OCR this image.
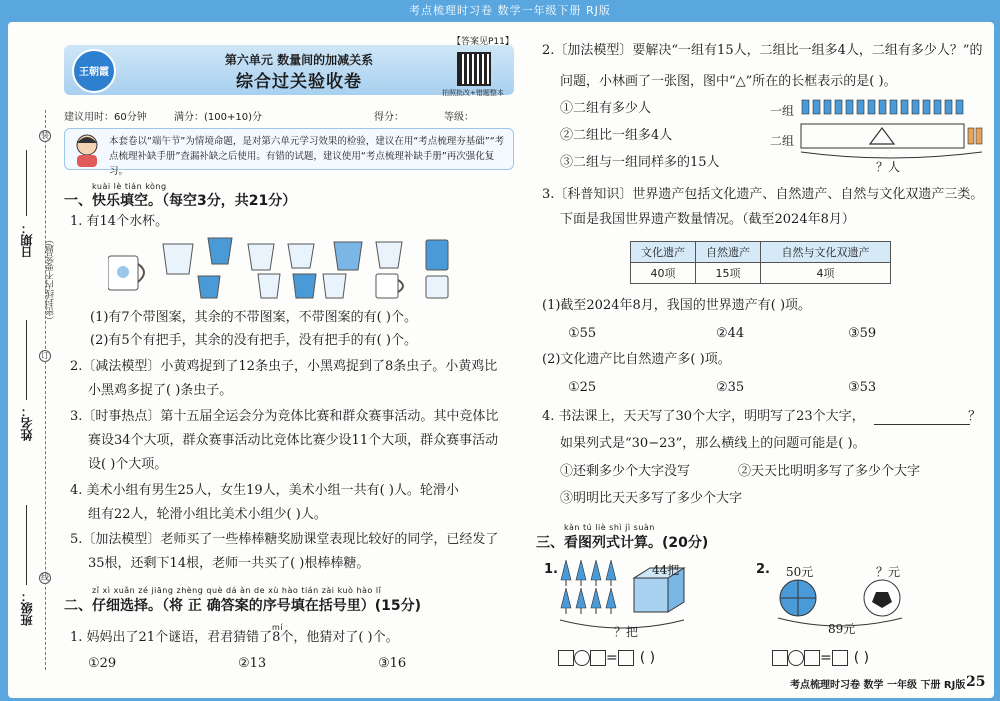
考点梳理时习卷 数学一年级下册 RJ版
日期：
姓名：
班级：
（密封线内不要答题）
装
订
线
王朝霞
第六单元 数量间的加减关系
综合过关验收卷
【答案见P11】
拍照批改+错题整本
建议用时：60分钟	满分：(100+10)分	得分：	等级：
本套卷以“端午节”为情境命题，是对第六单元学习效果的检验，建议在用“考点梳理夯基础”“考点梳理补缺手册”查漏补缺之后使用。有错的试题，建议使用“考点梳理补缺手册”再次强化复习。
kuài lè tián kòng
一、快乐填空。（每空3分，共21分）
1. 有14个水杯。
(1)有7个带图案，其余的不带图案，不带图案的有( )个。
(2)有5个有把手，其余的没有把手，没有把手的有( )个。
2.〔减法模型〕小黄鸡捉到了12条虫子，小黑鸡捉到了8条虫子。小黄鸡比
小黑鸡多捉了( )条虫子。
3.〔时事热点〕第十五届全运会分为竞体比赛和群众赛事活动。其中竞体比
赛设34个大项，群众赛事活动比竞体比赛少设11个大项，群众赛事活动
设( )个大项。
4. 美术小组有男生25人，女生19人，美术小组一共有( )人。轮滑小
组有22人，轮滑小组比美术小组少( )人。
5.〔加法模型〕老师买了一些棒棒糖奖励课堂表现比较好的同学，已经发了
35根，还剩下14根，老师一共买了( )根棒棒糖。
zǐ xì xuǎn zé jiāng zhèng què dá àn de xù hào tián zài kuò hào lǐ
二、仔细选择。（将 正 确答案的序号填在括号里）(15分)
mí
1. 妈妈出了21个谜语，君君猜错了8个，他猜对了( )个。
①29	②13	③16
2.〔加法模型〕要解决“一组有15人，二组比一组多4人，二组有多少人？”的
问题，小林画了一张图，图中“△”所在的长框表示的是( )。
①二组有多少人
②二组比一组多4人
③二组与一组同样多的15人
一组
二组
？人
3.〔科普知识〕世界遗产包括文化遗产、自然遗产、自然与文化双遗产三类。
下面是我国世界遗产数量情况。（截至2024年8月）
文化遗产	自然遗产	自然与文化双遗产
40项	15项	4项
(1)截至2024年8月，我国的世界遗产有( )项。
①55	②44	③59
(2)文化遗产比自然遗产多( )项。
①25	②35	③53
4. 书法课上，天天写了30个大字，明明写了23个大字，	？
如果列式是“30−23”，那么横线上的问题可能是( )。
①还剩多少个大字没写	②天天比明明多写了多少个大字
③明明比天天多写了多少个大字
kàn tú liè shì jì suàn
三、看图列式计算。(20分)
1.	44把
？把
= ( )
2. 50元	？元
89元
= ( )
考点梳理时习卷 数学 一年级 下册 RJ版 25
